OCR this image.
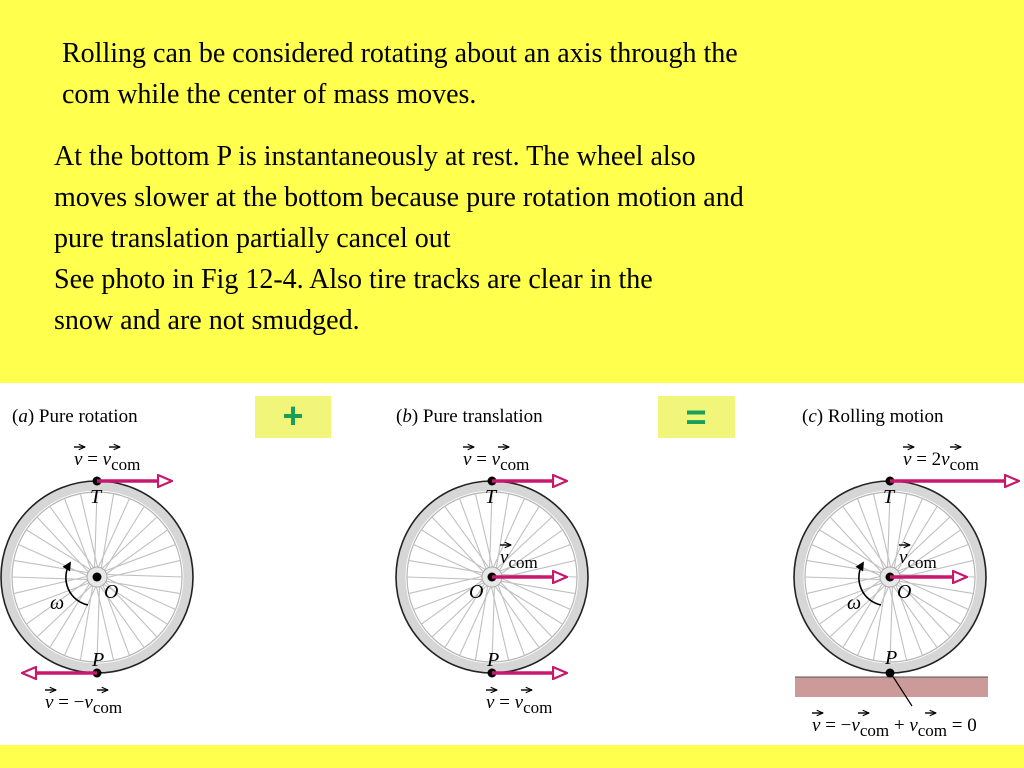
Rolling can be considered rotating about an axis through the
com while the center of mass moves.

At the bottom P is instantaneously at rest. The wheel also
moves slower at the bottom because pure rotation motion and
pure translation partially cancel out
See photo in Fig 12-4. Also tire tracks are clear in the
snow and are not smudged.

+	=
(a) Pure rotation
T
O
P
ω
v = vcom
v = −vcom
(b) Pure translation
T
O
P
v = vcom
vcom
v = vcom
(c) Rolling motion
T
O
P
ω
v = 2vcom
vcom
v = −vcom + vcom = 0
